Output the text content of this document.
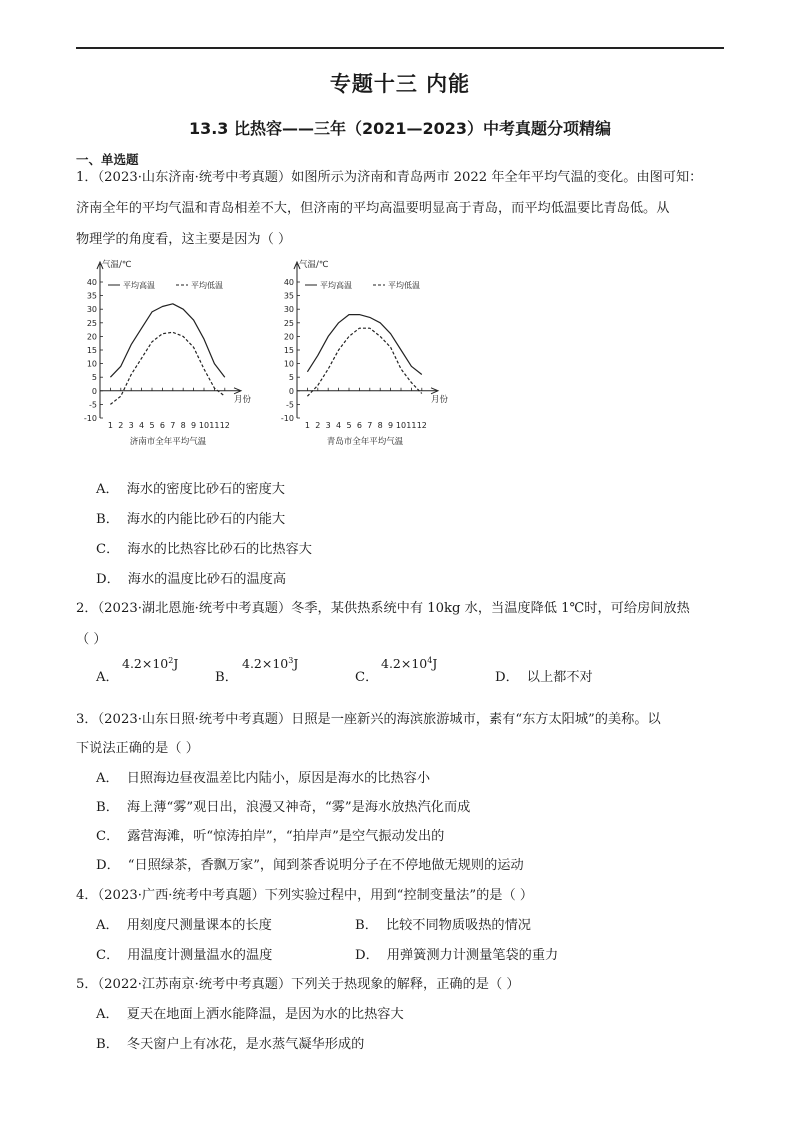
专题十三 内能
13.3 比热容——三年（2021—2023）中考真题分项精编
一、单选题
1．（2023·山东济南·统考中考真题）如图所示为济南和青岛两市 2022 年全年平均气温的变化。由图可知：
济南全年的平均气温和青岛相差不大，但济南的平均高温要明显高于青岛，而平均低温要比青岛低。从
物理学的角度看，这主要是因为（ ）
40
35
30
25
20
15
10
5
0
-5
-10
1 2 3 4 5 6 7 8 9 10 11 12
气温/℃
月份
平均高温	平均低温
济南市全年平均气温
40
35
30
25
20
15
10
5
0
-5
-10
1 2 3 4 5 6 7 8 9 10 11 12
气温/℃
月份
平均高温	平均低温
青岛市全年平均气温
A． 海水的密度比砂石的密度大
B． 海水的内能比砂石的内能大
C． 海水的比热容比砂石的比热容大
D． 海水的温度比砂石的温度高
2．（2023·湖北恩施·统考中考真题）冬季，某供热系统中有 10kg 水，当温度降低 1℃时，可给房间放热
（ ）
A．
$4.2\times 10^2J$
B．
$4.2\times 10^3J$
C．
$4.2\times 10^4J$
D． 以上都不对
3．（2023·山东日照·统考中考真题）日照是一座新兴的海滨旅游城市，素有“东方太阳城”的美称。以
下说法正确的是（ ）
A． 日照海边昼夜温差比内陆小，原因是海水的比热容小
B． 海上薄“雾”观日出，浪漫又神奇，“雾”是海水放热汽化而成
C． 露营海滩，听“惊涛拍岸”，“拍岸声”是空气振动发出的
D． “日照绿茶，香飘万家”，闻到茶香说明分子在不停地做无规则的运动
4．（2023·广西·统考中考真题）下列实验过程中，用到“控制变量法”的是（ ）
A． 用刻度尺测量课本的长度	B． 比较不同物质吸热的情况
C． 用温度计测量温水的温度	D． 用弹簧测力计测量笔袋的重力
5．（2022·江苏南京·统考中考真题）下列关于热现象的解释，正确的是（ ）
A． 夏天在地面上洒水能降温，是因为水的比热容大
B． 冬天窗户上有冰花，是水蒸气凝华形成的
